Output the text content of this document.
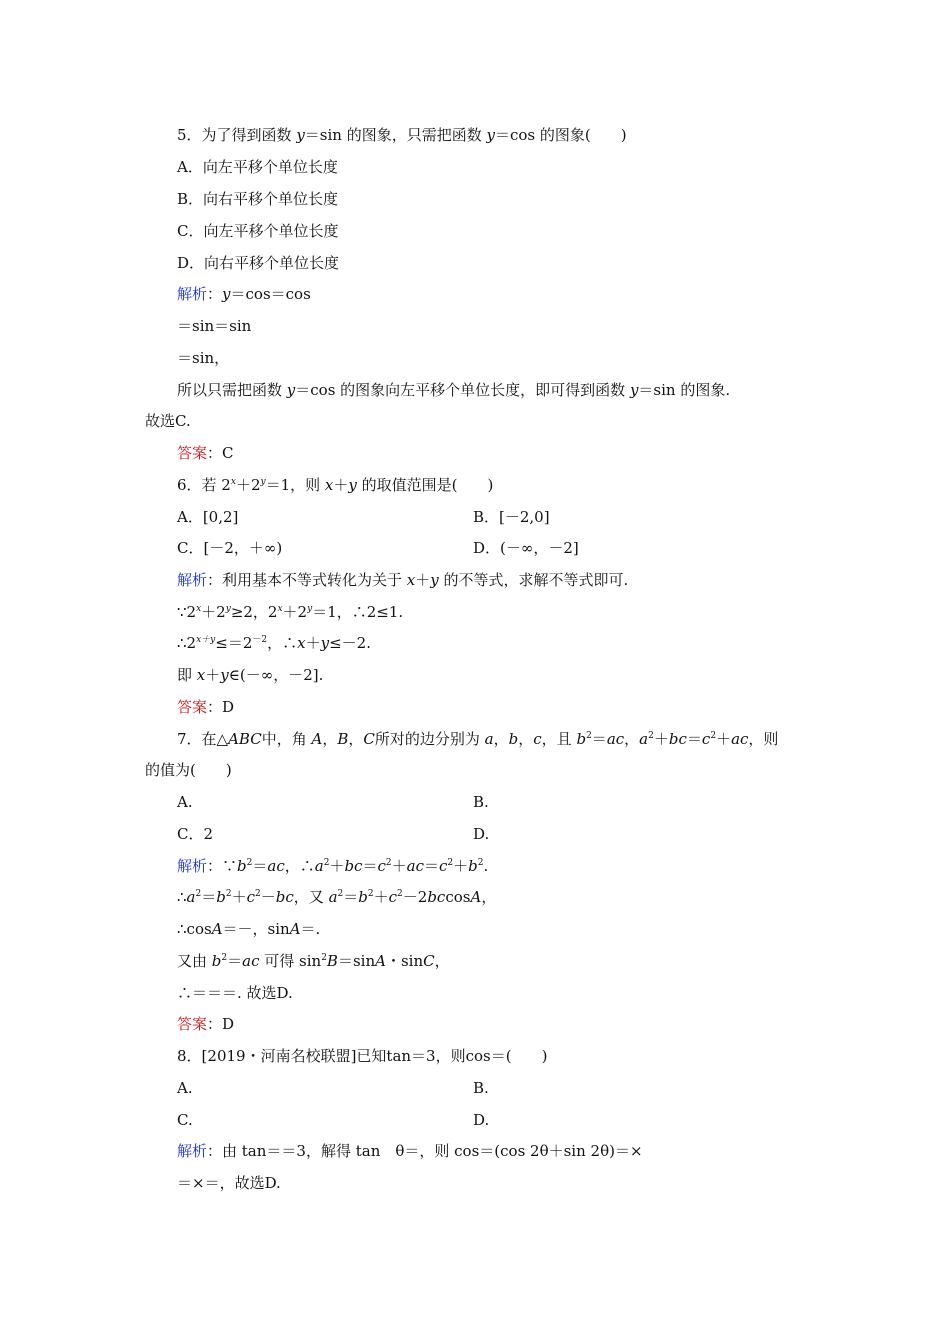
5．为了得到函数 y＝sin 的图象，只需把函数 y＝cos 的图象(　　)
A．向左平移个单位长度
B．向右平移个单位长度
C．向左平移个单位长度
D．向右平移个单位长度
解析：y＝cos＝cos
＝sin＝sin
＝sin，
所以只需把函数 y＝cos 的图象向左平移个单位长度，即可得到函数 y＝sin 的图象.
故选C.
答案：C
6．若 $2^x+2^y=1$，则 x＋y 的取值范围是(　　)
A．[0,2]	B．[－2,0]
C．[－2，＋∞)	D．(－∞，－2]
解析：利用基本不等式转化为关于 x＋y 的不等式，求解不等式即可.
$\because 2^x+2^y\ge 2$，$2^x+2^y=1$，∴2≤1.
$\therefore 2^{x+y}\le=2^{-2}$，∴x＋y≤－2.
即 x＋y∈(－∞，－2].
答案：D
7．在△ABC中，角 A，B，C所对的边分别为 a，b，c，且 $b^2=ac$，$a^2+bc=c^2+ac$，则
的值为(　　)
A.	B.
C．2	D.
解析：$\because b^2=ac$，$\therefore a^2+bc=c^2+ac=c^2+b^2$.
$\therefore a^2=b^2+c^2-bc$，又 $a^2=b^2+c^2-2bccosA$，
∴cosA＝－，sinA＝.
又由 $b^2=ac$ 可得 $\sin^2B=\sin A$・sinC，
∴＝＝＝. 故选D.
答案：D
8．[2019・河南名校联盟]已知tan＝3，则cos＝(　　)
A.	B.
C.	D.
解析：由 tan＝＝3，解得 tan　θ＝，则 cos＝(cos 2θ＋sin 2θ)＝×
＝×＝，故选D.
